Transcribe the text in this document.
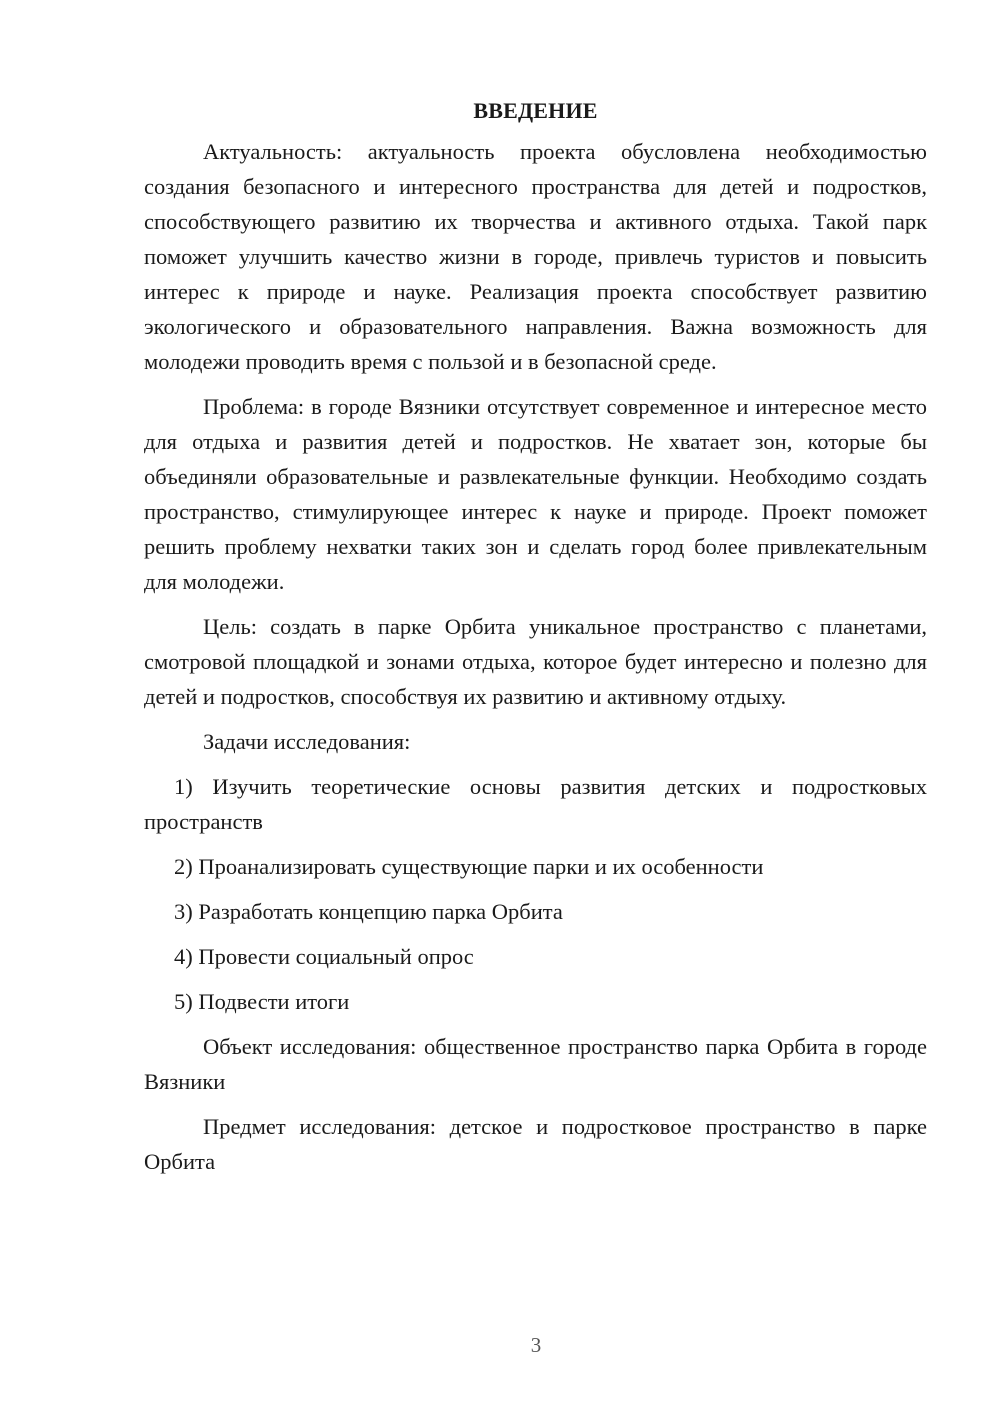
ВВЕДЕНИЕ

Актуальность: актуальность проекта обусловлена необходимостью создания безопасного и интересного пространства для детей и подростков, способствующего развитию их творчества и активного отдыха. Такой парк поможет улучшить качество жизни в городе, привлечь туристов и повысить интерес к природе и науке. Реализация проекта способствует развитию экологического и образовательного направления. Важна возможность для молодежи проводить время с пользой и в безопасной среде.

Проблема: в городе Вязники отсутствует современное и интересное место для отдыха и развития детей и подростков. Не хватает зон, которые бы объединяли образовательные и развлекательные функции. Необходимо создать пространство, стимулирующее интерес к науке и природе. Проект поможет решить проблему нехватки таких зон и сделать город более привлекательным для молодежи.

Цель: создать в парке Орбита уникальное пространство с планетами, смотровой площадкой и зонами отдыха, которое будет интересно и полезно для детей и подростков, способствуя их развитию и активному отдыху.

Задачи исследования:

1) Изучить теоретические основы развития детских и подростковых пространств

2) Проанализировать существующие парки и их особенности

3) Разработать концепцию парка Орбита

4) Провести социальный опрос

5) Подвести итоги

Объект исследования: общественное пространство парка Орбита в городе Вязники

Предмет исследования: детское и подростковое пространство в парке Орбита

3
